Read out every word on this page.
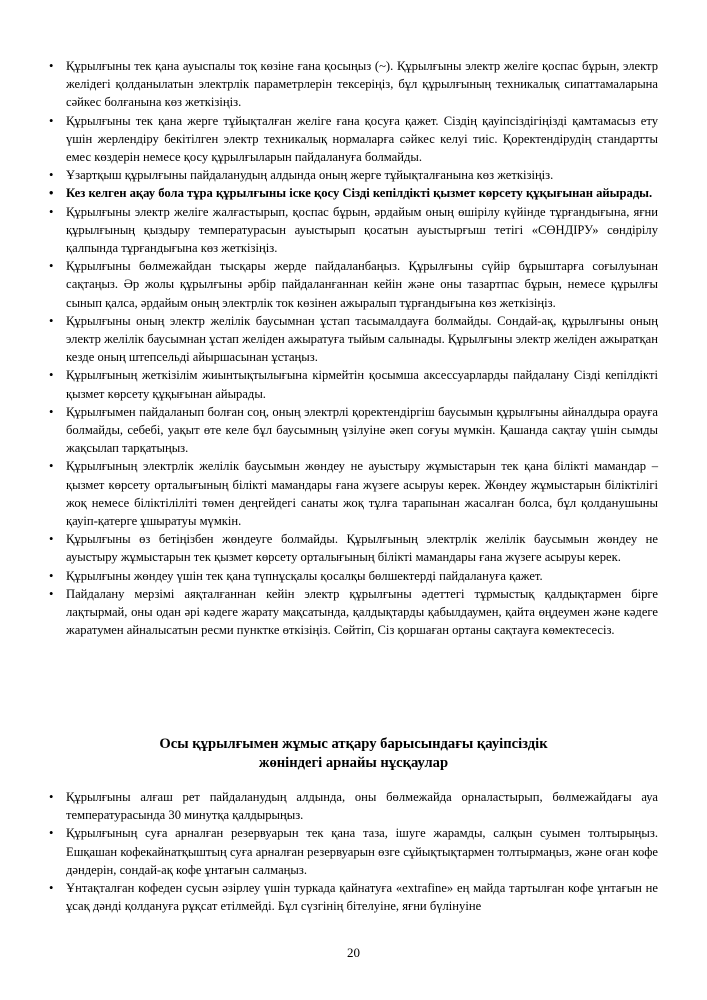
• Құрылғыны тек қана ауыспалы тоқ көзіне ғана қосыңыз (~). Құрылғыны электр желіге қоспас бұрын, электр желідегі қолданылатын электрлік параметрлерін тексеріңіз, бұл құрылғының техникалық сипаттамаларына сәйкес болғанына көз жеткізіңіз.
• Құрылғыны тек қана жерге тұйықталған желіге ғана қосуға қажет. Сіздің қауіпсіздігіңізді қамтамасыз ету үшін жерлендіру бекітілген электр техникалық нормаларға сәйкес келуі тиіс. Қоректендірудің стандартты емес көздерін немесе қосу құрылғыларын пайдалануға болмайды.
• Ұзартқыш құрылғыны пайдаланудың алдында оның жерге тұйықталғанына көз жеткізіңіз.
• Кез келген ақау бола тұра құрылғыны іске қосу Сізді кепілдікті қызмет көрсету құқығынан айырады.
• Құрылғыны электр желіге жалғастырып, қоспас бұрын, әрдайым оның өшірілу күйінде тұрғандығына, яғни құрылғының қыздыру температурасын ауыстырып қосатын ауыстырғыш тетігі «СӨНДІРУ» сөндірілу қалпында тұрғандығына көз жеткізіңіз.
• Құрылғыны бөлмежайдан тысқары жерде пайдаланбаңыз. Құрылғыны сүйір бұрыштарға соғылуынан сақтаңыз. Әр жолы құрылғыны әрбір пайдаланғаннан кейін және оны тазартпас бұрын, немесе құрылғы сынып қалса, әрдайым оның электрлік ток көзінен ажыралып тұрғандығына көз жеткізіңіз.
• Құрылғыны оның электр желілік баусымнан ұстап тасымалдауға болмайды. Сондай-ақ, құрылғыны оның электр желілік баусымнан ұстап желіден ажыратуға тыйым салынады. Құрылғыны электр желіден ажыратқан кезде оның штепсельді айыршасынан ұстаңыз.
• Құрылғының жеткізілім жиынтықтылығына кірмейтін қосымша аксессуарларды пайдалану Сізді кепілдікті қызмет көрсету құқығынан айырады.
• Құрылғымен пайдаланып болған соң, оның электрлі қоректендіргіш баусымын құрылғыны айналдыра орауға болмайды, себебі, уақыт өте келе бұл баусымның үзілуіне әкеп соғуы мүмкін. Қашанда сақтау үшін сымды жақсылап тарқатыңыз.
• Құрылғының электрлік желілік баусымын жөндеу не ауыстыру жұмыстарын тек қана білікті мамандар – қызмет көрсету орталығының білікті мамандары ғана жүзеге асыруы керек. Жөндеу жұмыстарын біліктілігі жоқ немесе біліктіліліті төмен деңгейдегі санаты жоқ тұлға тарапынан жасалған болса, бұл қолданушыны қауіп-қатерге ұшыратуы мүмкін.
• Құрылғыны өз бетіңізбен жөндеуге болмайды. Құрылғының электрлік желілік баусымын жөндеу не ауыстыру жұмыстарын тек қызмет көрсету орталығының білікті мамандары ғана жүзеге асыруы керек.
• Құрылғыны жөндеу үшін тек қана түпнұсқалы қосалқы бөлшектерді пайдалануға қажет.
• Пайдалану мерзімі аяқталғаннан кейін электр құрылғыны әдеттегі тұрмыстық қалдықтармен бірге лақтырмай, оны одан әрі кәдеге жарату мақсатында, қалдықтарды қабылдаумен, қайта өңдеумен және кәдеге жаратумен айналысатын ресми пунктке өткізіңіз. Сөйтіп, Сіз қоршаған ортаны сақтауға көмектесесіз.
Осы құрылғымен жұмыс атқару барысындағы қауіпсіздік
жөніндегі арнайы нұсқаулар
• Құрылғыны алғаш рет пайдаланудың алдында, оны бөлмежайда орналастырып, бөлмежайдағы ауа температурасында 30 минутқа қалдырыңыз.
• Құрылғының суға арналған резервуарын тек қана таза, ішуге жарамды, салқын суымен толтырыңыз. Ешқашан кофекайнатқыштың суға арналған резервуарын өзге сұйықтықтармен толтырмаңыз, және оған кофе дәндерін, сондай-ақ кофе ұнтағын салмаңыз.
• Ұнтақталған кофеден сусын әзірлеу үшін туркада қайнатуға «extrafine» ең майда тартылған кофе ұнтағын не ұсақ дәнді қолдануға рұқсат етілмейді. Бұл сүзгінің бітелуіне, яғни бүлінуіне
20
